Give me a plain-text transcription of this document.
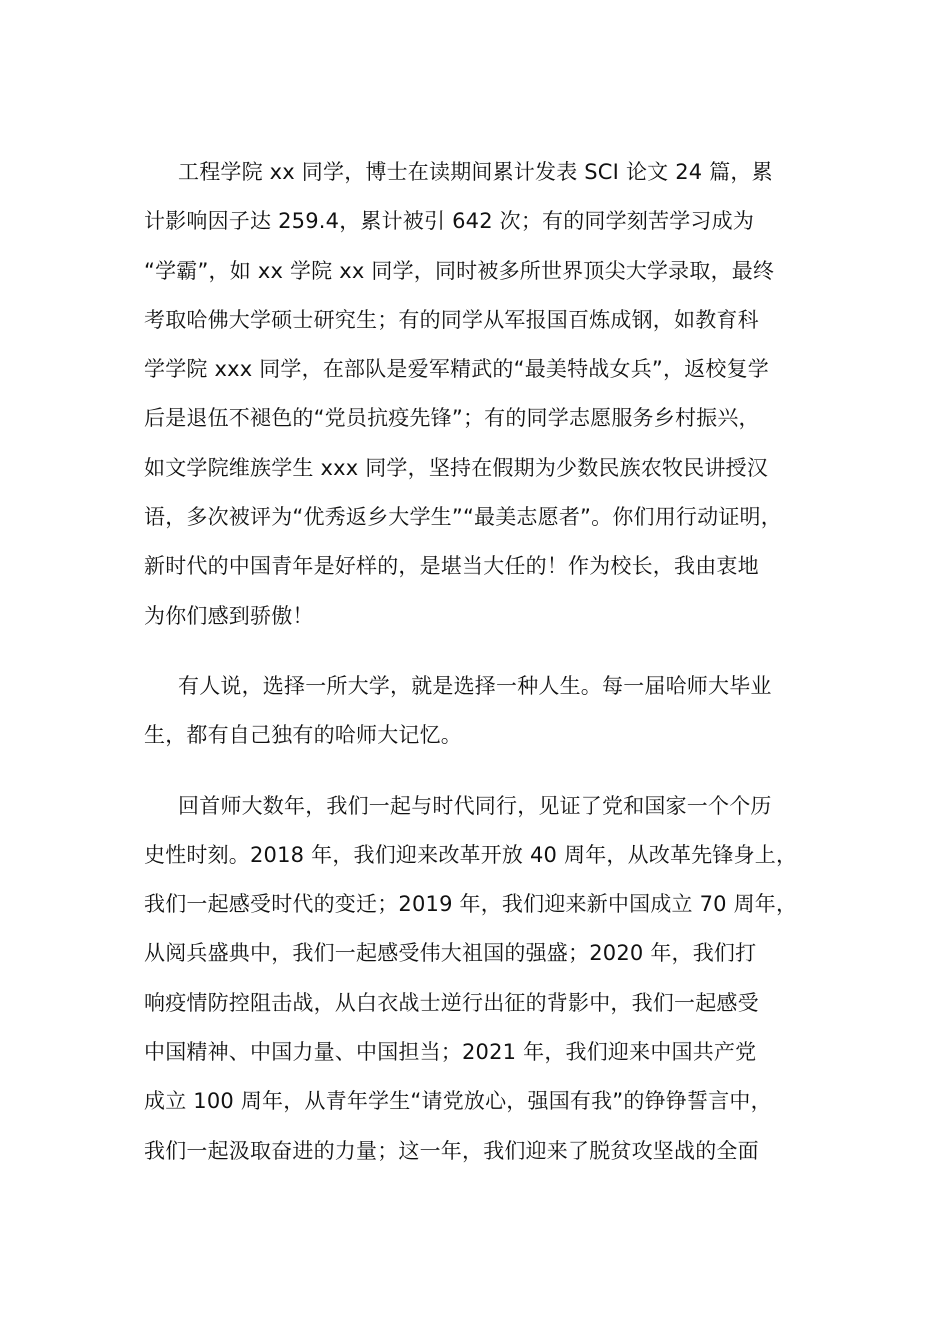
工程学院 xx 同学，博士在读期间累计发表 SCI 论文 24 篇，累
计影响因子达 259.4，累计被引 642 次；有的同学刻苦学习成为
“学霸”，如 xx 学院 xx 同学，同时被多所世界顶尖大学录取，最终
考取哈佛大学硕士研究生；有的同学从军报国百炼成钢，如教育科
学学院 xxx 同学，在部队是爱军精武的“最美特战女兵”，返校复学
后是退伍不褪色的“党员抗疫先锋”；有的同学志愿服务乡村振兴，
如文学院维族学生 xxx 同学，坚持在假期为少数民族农牧民讲授汉
语，多次被评为“优秀返乡大学生”“最美志愿者”。你们用行动证明，
新时代的中国青年是好样的，是堪当大任的！作为校长，我由衷地
为你们感到骄傲！
有人说，选择一所大学，就是选择一种人生。每一届哈师大毕业
生，都有自己独有的哈师大记忆。
回首师大数年，我们一起与时代同行，见证了党和国家一个个历
史性时刻。2018 年，我们迎来改革开放 40 周年，从改革先锋身上，
我们一起感受时代的变迁；2019 年，我们迎来新中国成立 70 周年，
从阅兵盛典中，我们一起感受伟大祖国的强盛；2020 年，我们打
响疫情防控阻击战，从白衣战士逆行出征的背影中，我们一起感受
中国精神、中国力量、中国担当；2021 年，我们迎来中国共产党
成立 100 周年，从青年学生“请党放心，强国有我”的铮铮誓言中，
我们一起汲取奋进的力量；这一年，我们迎来了脱贫攻坚战的全面
